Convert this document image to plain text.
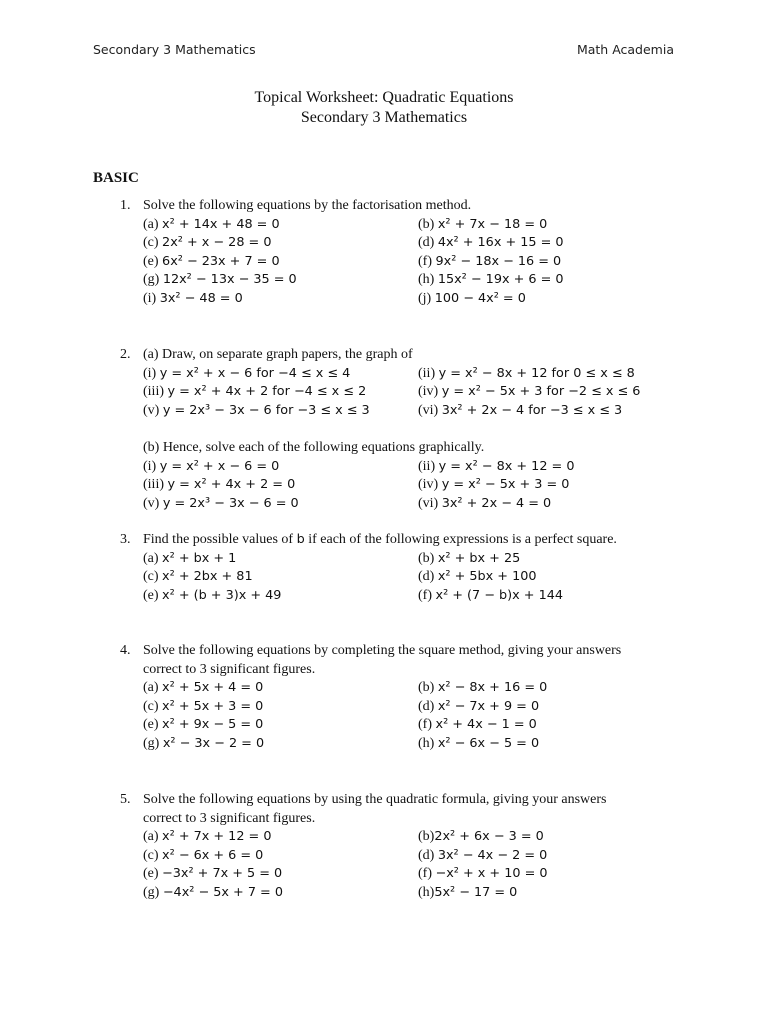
Secondary 3 Mathematics	Math Academia
Topical Worksheet: Quadratic Equations
Secondary 3 Mathematics
BASIC
1. Solve the following equations by the factorisation method.
(a) x² + 14x + 48 = 0	(b) x² + 7x − 18 = 0
(c) 2x² + x − 28 = 0	(d) 4x² + 16x + 15 = 0
(e) 6x² − 23x + 7 = 0	(f) 9x² − 18x − 16 = 0
(g) 12x² − 13x − 35 = 0	(h) 15x² − 19x + 6 = 0
(i) 3x² − 48 = 0	(j) 100 − 4x² = 0
2. (a) Draw, on separate graph papers, the graph of
(i) y = x² + x − 6 for −4 ≤ x ≤ 4	(ii) y = x² − 8x + 12 for 0 ≤ x ≤ 8
(iii) y = x² + 4x + 2 for −4 ≤ x ≤ 2	(iv) y = x² − 5x + 3 for −2 ≤ x ≤ 6
(v) y = 2x³ − 3x − 6 for −3 ≤ x ≤ 3	(vi) 3x² + 2x − 4 for −3 ≤ x ≤ 3
(b) Hence, solve each of the following equations graphically.
(i) y = x² + x − 6 = 0	(ii) y = x² − 8x + 12 = 0
(iii) y = x² + 4x + 2 = 0	(iv) y = x² − 5x + 3 = 0
(v) y = 2x³ − 3x − 6 = 0	(vi) 3x² + 2x − 4 = 0
3. Find the possible values of b if each of the following expressions is a perfect square.
(a) x² + bx + 1	(b) x² + bx + 25
(c) x² + 2bx + 81	(d) x² + 5bx + 100
(e) x² + (b + 3)x + 49	(f) x² + (7 − b)x + 144
4. Solve the following equations by completing the square method, giving your answers
correct to 3 significant figures.
(a) x² + 5x + 4 = 0	(b) x² − 8x + 16 = 0
(c) x² + 5x + 3 = 0	(d) x² − 7x + 9 = 0
(e) x² + 9x − 5 = 0	(f) x² + 4x − 1 = 0
(g) x² − 3x − 2 = 0	(h) x² − 6x − 5 = 0
5. Solve the following equations by using the quadratic formula, giving your answers
correct to 3 significant figures.
(a) x² + 7x + 12 = 0	(b)2x² + 6x − 3 = 0
(c) x² − 6x + 6 = 0	(d) 3x² − 4x − 2 = 0
(e) −3x² + 7x + 5 = 0	(f) −x² + x + 10 = 0
(g) −4x² − 5x + 7 = 0	(h)5x² − 17 = 0
